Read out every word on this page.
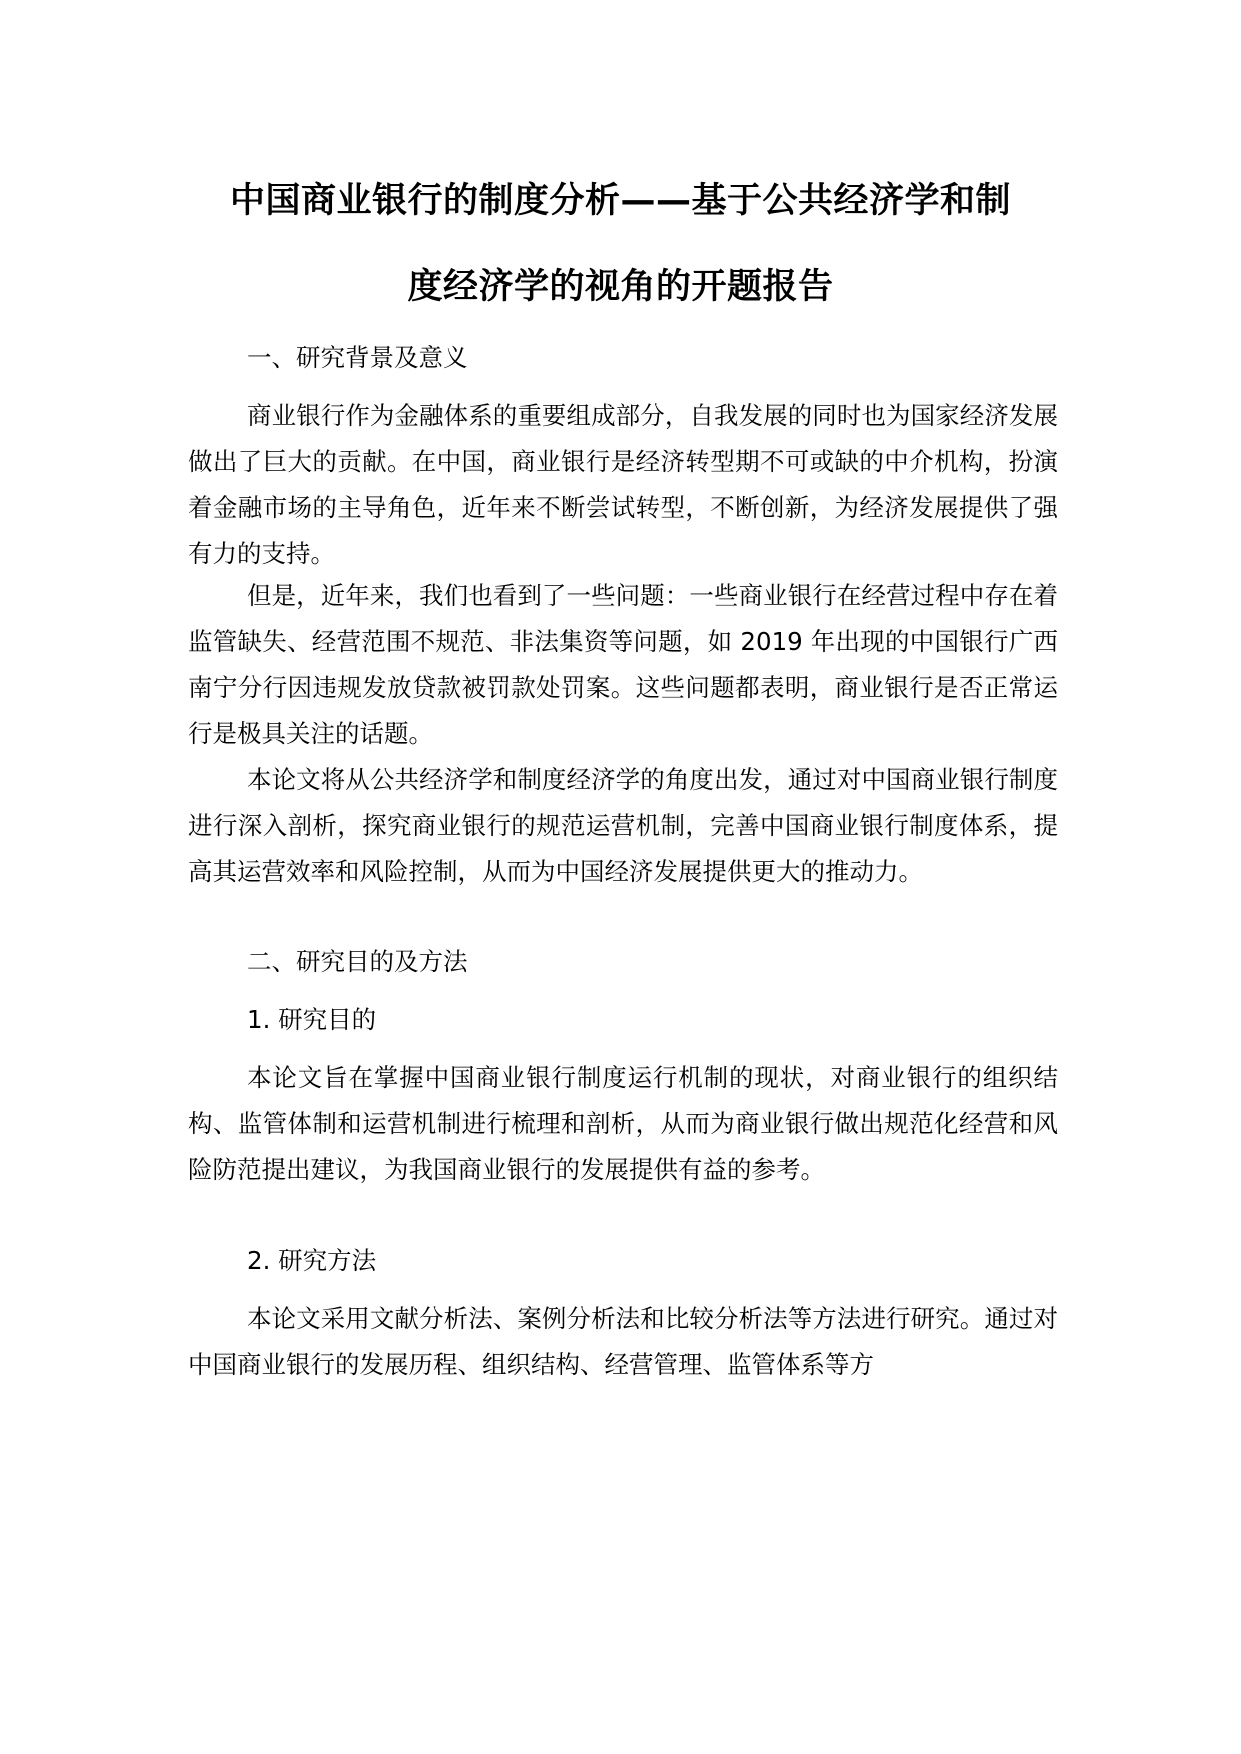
中国商业银行的制度分析——基于公共经济学和制
度经济学的视角的开题报告
一、研究背景及意义

商业银行作为金融体系的重要组成部分，自我发展的同时也为国家经济发展做出了巨大的贡献。在中国，商业银行是经济转型期不可或缺的中介机构，扮演着金融市场的主导角色，近年来不断尝试转型，不断创新，为经济发展提供了强有力的支持。

但是，近年来，我们也看到了一些问题：一些商业银行在经营过程中存在着监管缺失、经营范围不规范、非法集资等问题，如 2019 年出现的中国银行广西南宁分行因违规发放贷款被罚款处罚案。这些问题都表明，商业银行是否正常运行是极具关注的话题。

本论文将从公共经济学和制度经济学的角度出发，通过对中国商业银行制度进行深入剖析，探究商业银行的规范运营机制，完善中国商业银行制度体系，提高其运营效率和风险控制，从而为中国经济发展提供更大的推动力。

二、研究目的及方法
1. 研究目的

本论文旨在掌握中国商业银行制度运行机制的现状，对商业银行的组织结构、监管体制和运营机制进行梳理和剖析，从而为商业银行做出规范化经营和风险防范提出建议，为我国商业银行的发展提供有益的参考。

2. 研究方法

本论文采用文献分析法、案例分析法和比较分析法等方法进行研究。通过对中国商业银行的发展历程、组织结构、经营管理、监管体系等方
